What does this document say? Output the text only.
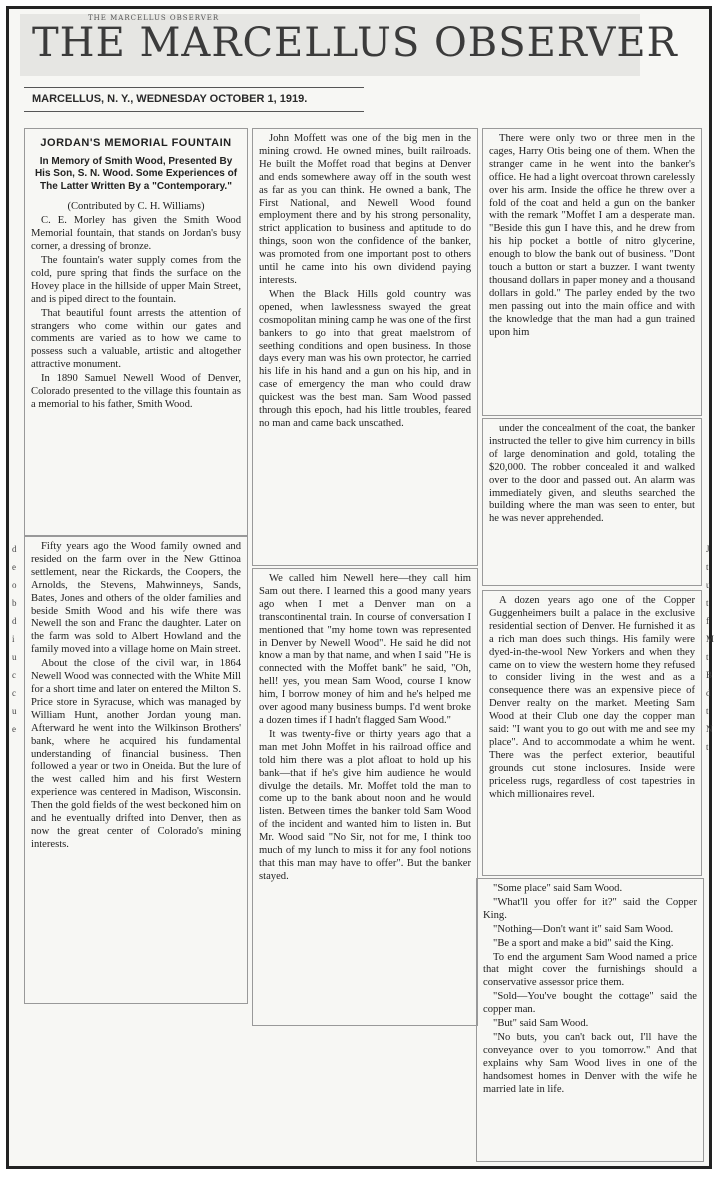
THE MARCELLUS OBSERVER
THE MARCELLUS OBSERVER
MARCELLUS, N. Y., WEDNESDAY OCTOBER 1, 1919.
JORDAN'S MEMORIAL FOUNTAIN
In Memory of Smith Wood, Presented By His Son, S. N. Wood. Some Experiences of The Latter Written By a "Contemporary."

(Contributed by C. H. Williams)

C. E. Morley has given the Smith Wood Memorial fountain, that stands on Jordan's busy corner, a dressing of bronze.

The fountain's water supply comes from the cold, pure spring that finds the surface on the Hovey place in the hillside of upper Main Street, and is piped direct to the fountain.

That beautiful fount arrests the attention of strangers who come within our gates and comments are varied as to how we came to possess such a valuable, artistic and altogether attractive monument.

In 1890 Samuel Newell Wood of Denver, Colorado presented to the village this fountain as a memorial to his father, Smith Wood.

Fifty years ago the Wood family owned and resided on the farm over in the New Gttinoa settlement, near the Rickards, the Coopers, the Arnolds, the Stevens, Mahwinneys, Sands, Bates, Jones and others of the older families and beside Smith Wood and his wife there was Newell the son and Franc the daughter. Later on the farm was sold to Albert Howland and the family moved into a village home on Main street.

About the close of the civil war, in 1864 Newell Wood was connected with the White Mill for a short time and later on entered the Milton S. Price store in Syracuse, which was managed by William Hunt, another Jordan young man. Afterward he went into the Wilkinson Brothers' bank, where he acquired his fundamental understanding of financial business. Then followed a year or two in Oneida. But the lure of the west called him and his first Western experience was centered in Madison, Wisconsin. Then the gold fields of the west beckoned him on and he eventually drifted into Denver, then as now the great center of Colorado's mining interests.

John Moffett was one of the big men in the mining crowd. He owned mines, built railroads. He built the Moffet road that begins at Denver and ends somewhere away off in the south west as far as you can think. He owned a bank, The First National, and Newell Wood found employment there and by his strong personality, strict application to business and aptitude to do things, soon won the confidence of the banker, was promoted from one important post to others until he came into his own dividend paying interests.

When the Black Hills gold country was opened, when lawlessness swayed the great cosmopolitan mining camp he was one of the first bankers to go into that great maelstrom of seething conditions and open business. In those days every man was his own protector, he carried his life in his hand and a gun on his hip, and in case of emergency the man who could draw quickest was the best man. Sam Wood passed through this epoch, had his little troubles, feared no man and came back unscathed.

We called him Newell here—they call him Sam out there. I learned this a good many years ago when I met a Denver man on a transcontinental train. In course of conversation I mentioned that "my home town was represented in Denver by Newell Wood". He said he did not know a man by that name, and when I said "He is connected with the Moffet bank" he said, "Oh, hell! yes, you mean Sam Wood, course I know him, I borrow money of him and he's helped me over agood many business bumps. I'd went broke a dozen times if I hadn't flagged Sam Wood."

It was twenty-five or thirty years ago that a man met John Moffet in his railroad office and told him there was a plot afloat to hold up his bank—that if he's give him audience he would divulge the details. Mr. Moffet told the man to come up to the bank about noon and he would listen. Between times the banker told Sam Wood of the incident and wanted him to listen in. But Mr. Wood said "No Sir, not for me, I think too much of my lunch to miss it for any fool notions that this man may have to offer". But the banker stayed.

There were only two or three men in the cages, Harry Otis being one of them. When the stranger came in he went into the banker's office. He had a light overcoat thrown carelessly over his arm. Inside the office he threw over a fold of the coat and held a gun on the banker with the remark "Moffet I am a desperate man. "Beside this gun I have this, and he drew from his hip pocket a bottle of nitro glycerine, enough to blow the bank out of business. "Dont touch a button or start a buzzer. I want twenty thousand dollars in paper money and a thousand dollars in gold." The parley ended by the two men passing out into the main office and with the knowledge that the man had a gun trained upon him

under the concealment of the coat, the banker instructed the teller to give him currency in bills of large denomination and gold, totaling the $20,000. The robber concealed it and walked over to the door and passed out. An alarm was immediately given, and sleuths searched the building where the man was seen to enter, but he was never apprehended.

A dozen years ago one of the Copper Guggenheimers built a palace in the exclusive residential section of Denver. He furnished it as a rich man does such things. His family were dyed-in-the-wool New Yorkers and when they came on to view the western home they refused to consider living in the west and as a consequence there was an expensive piece of Denver realty on the market. Meeting Sam Wood at their Club one day the copper man said: "I want you to go out with me and see my place". And to accommodate a whim he went. There was the perfect exterior, beautiful grounds cut stone inclosures. Inside were priceless rugs, regardless of cost tapestries in which millionaires revel.

"Some place" said Sam Wood.

"What'll you offer for it?" said the Copper King.

"Nothing—Don't want it" said Sam Wood.

"Be a sport and make a bid" said the King.

To end the argument Sam Wood named a price that might cover the furnishings should a conservative assessor price them.

"Sold—You've bought the cottage" said the copper man.

"But" said Sam Wood.

"No buts, you can't back out, I'll have the conveyance over to you tomorrow." And that explains why Sam Wood lives in one of the handsomest homes in Denver with the wife he married late in life.

d
e
o
b
d
i
u
c
c
u
e
J
t
u
t
f
M
t
B
d
t
N
t
